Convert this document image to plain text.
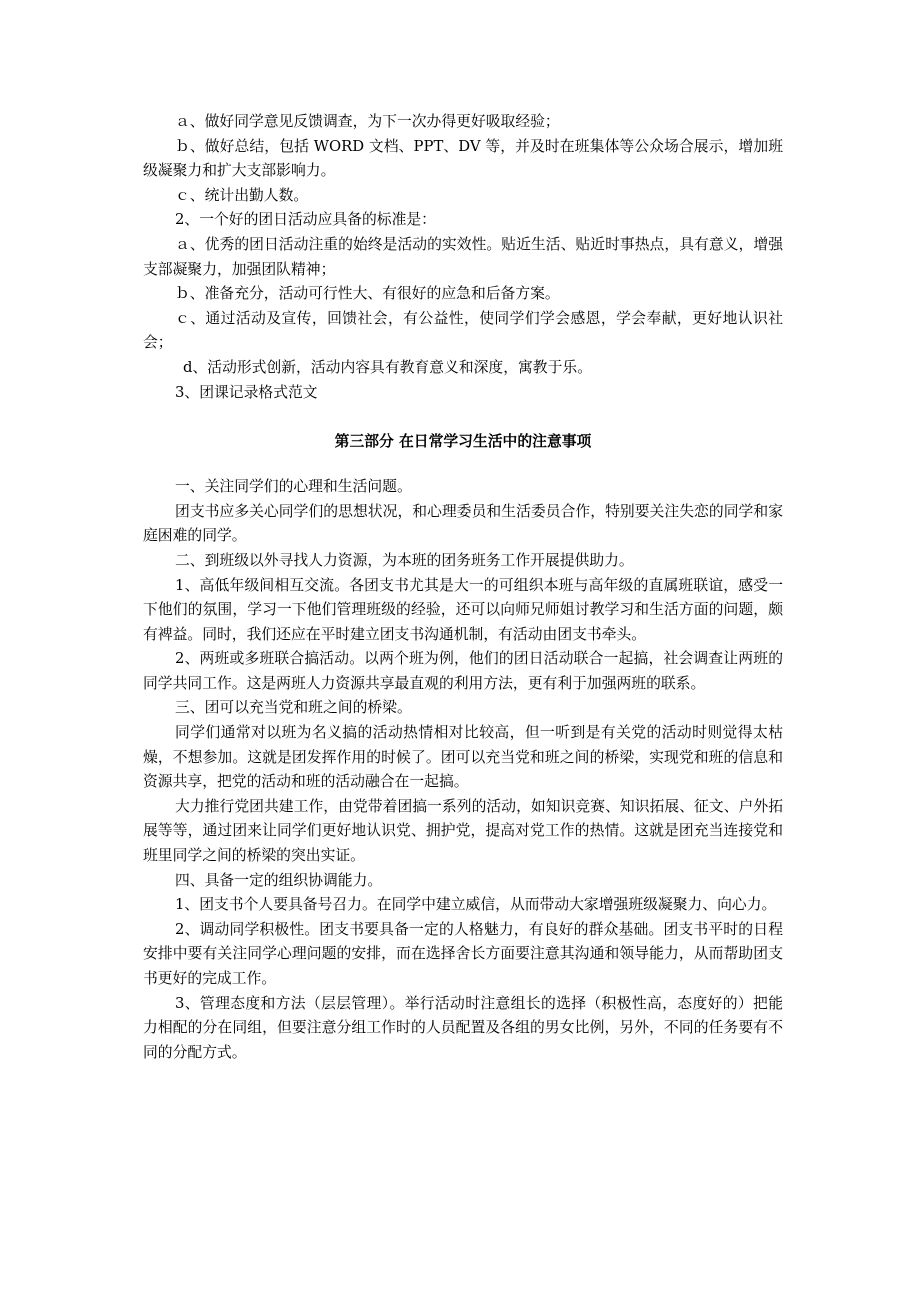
ａ、做好同学意见反馈调查，为下一次办得更好吸取经验；

ｂ、做好总结，包括 WORD 文档、PPT、DV 等，并及时在班集体等公众场合展示，增加班级凝聚力和扩大支部影响力。

ｃ、统计出勤人数。

2、一个好的团日活动应具备的标准是：

ａ、优秀的团日活动注重的始终是活动的实效性。贴近生活、贴近时事热点，具有意义，增强支部凝聚力，加强团队精神；

ｂ、准备充分，活动可行性大、有很好的应急和后备方案。

ｃ、通过活动及宣传，回馈社会，有公益性，使同学们学会感恩，学会奉献，更好地认识社会；

d、活动形式创新，活动内容具有教育意义和深度，寓教于乐。

3、团课记录格式范文

第三部分 在日常学习生活中的注意事项

一、关注同学们的心理和生活问题。

团支书应多关心同学们的思想状况，和心理委员和生活委员合作，特别要关注失恋的同学和家庭困难的同学。

二、到班级以外寻找人力资源，为本班的团务班务工作开展提供助力。

1、高低年级间相互交流。各团支书尤其是大一的可组织本班与高年级的直属班联谊，感受一下他们的氛围，学习一下他们管理班级的经验，还可以向师兄师姐讨教学习和生活方面的问题，颇有裨益。同时，我们还应在平时建立团支书沟通机制，有活动由团支书牵头。

2、两班或多班联合搞活动。以两个班为例，他们的团日活动联合一起搞，社会调查让两班的同学共同工作。这是两班人力资源共享最直观的利用方法，更有利于加强两班的联系。

三、团可以充当党和班之间的桥梁。

同学们通常对以班为名义搞的活动热情相对比较高，但一听到是有关党的活动时则觉得太枯燥，不想参加。这就是团发挥作用的时候了。团可以充当党和班之间的桥梁，实现党和班的信息和资源共享，把党的活动和班的活动融合在一起搞。

大力推行党团共建工作，由党带着团搞一系列的活动，如知识竞赛、知识拓展、征文、户外拓展等等，通过团来让同学们更好地认识党、拥护党，提高对党工作的热情。这就是团充当连接党和班里同学之间的桥梁的突出实证。

四、具备一定的组织协调能力。

1、团支书个人要具备号召力。在同学中建立威信，从而带动大家增强班级凝聚力、向心力。

2、调动同学积极性。团支书要具备一定的人格魅力，有良好的群众基础。团支书平时的日程安排中要有关注同学心理问题的安排，而在选择舍长方面要注意其沟通和领导能力，从而帮助团支书更好的完成工作。

3、管理态度和方法（层层管理）。举行活动时注意组长的选择（积极性高，态度好的）把能力相配的分在同组，但要注意分组工作时的人员配置及各组的男女比例，另外，不同的任务要有不同的分配方式。
